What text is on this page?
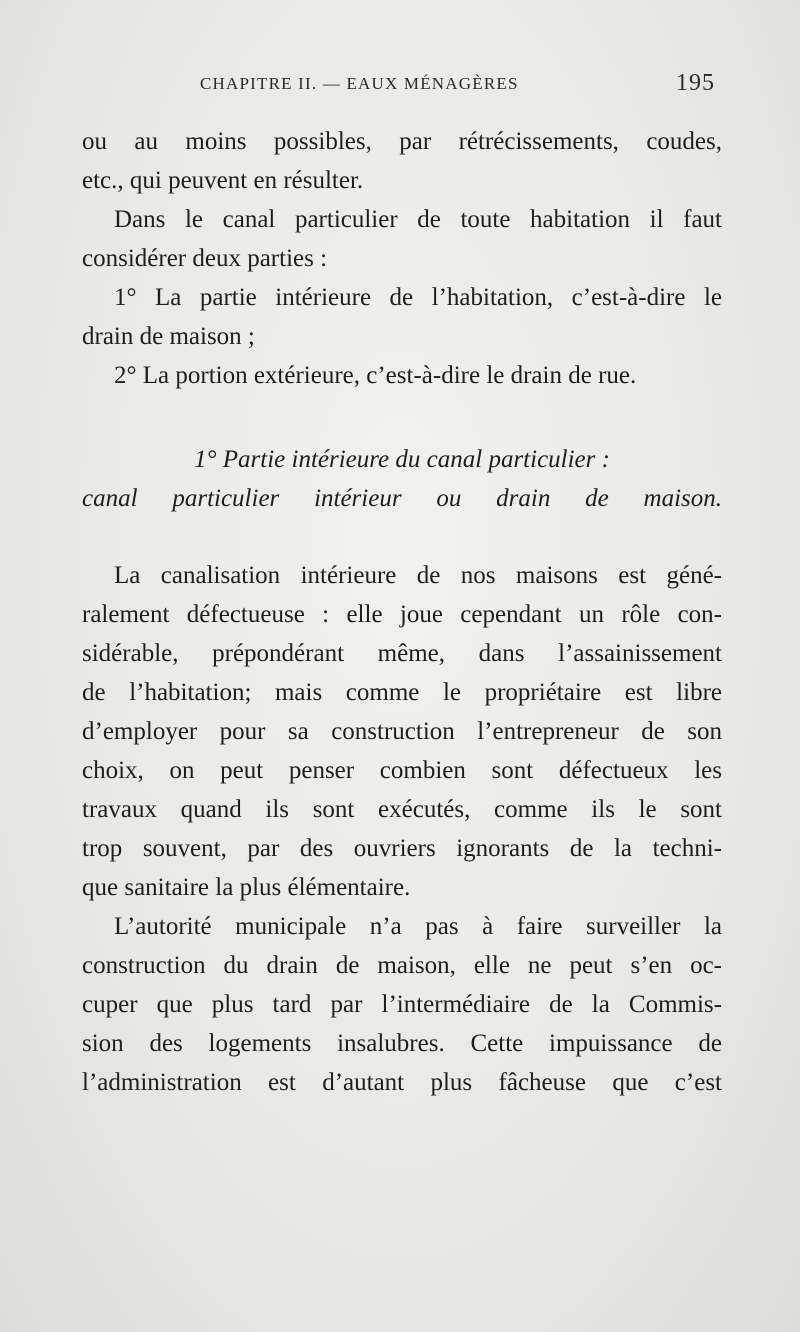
CHAPITRE II. — EAUX MÉNAGÈRES	195
ou au moins possibles, par rétrécissements, coudes,
etc., qui peuvent en résulter.
Dans le canal particulier de toute habitation il faut
considérer deux parties :
1° La partie intérieure de l’habitation, c’est-à-dire le
drain de maison ;
2° La portion extérieure, c’est-à-dire le drain de rue.
1° Partie intérieure du canal particulier :
canal particulier intérieur ou drain de maison.
La canalisation intérieure de nos maisons est géné-
ralement défectueuse : elle joue cependant un rôle con-
sidérable, prépondérant même, dans l’assainissement
de l’habitation; mais comme le propriétaire est libre
d’employer pour sa construction l’entrepreneur de son
choix, on peut penser combien sont défectueux les
travaux quand ils sont exécutés, comme ils le sont
trop souvent, par des ouvriers ignorants de la techni-
que sanitaire la plus élémentaire.
L’autorité municipale n’a pas à faire surveiller la
construction du drain de maison, elle ne peut s’en oc-
cuper que plus tard par l’intermédiaire de la Commis-
sion des logements insalubres. Cette impuissance de
l’administration est d’autant plus fâcheuse que c’est
